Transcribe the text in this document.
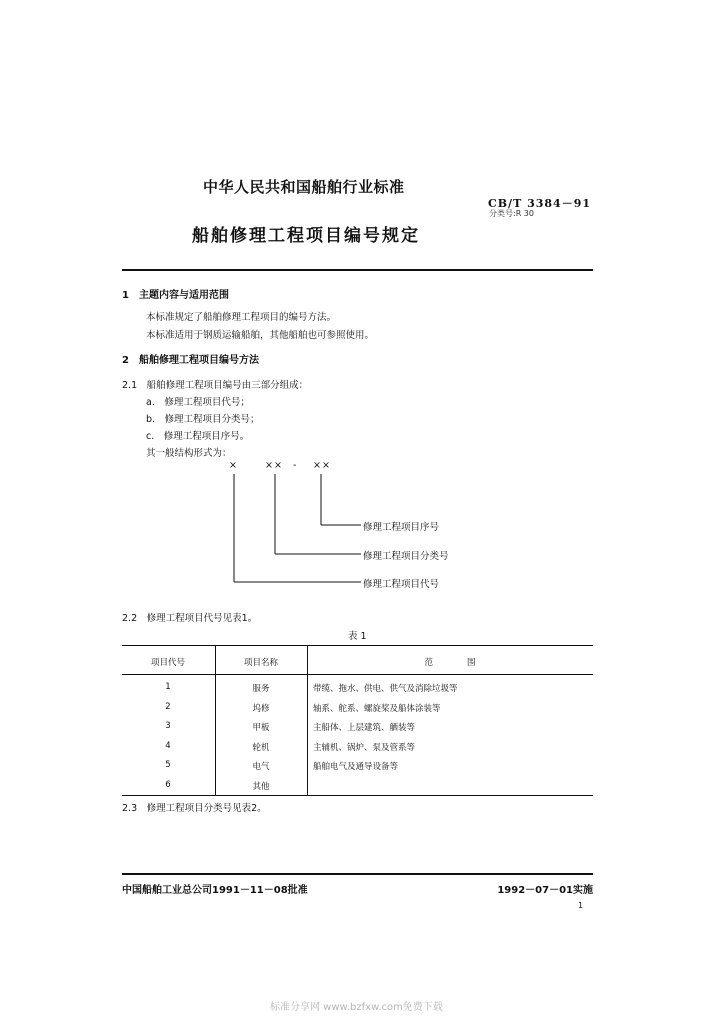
中华人民共和国船舶行业标准
CB/T 3384－91
分类号:R 30
船舶修理工程项目编号规定
1　主题内容与适用范围
本标准规定了船舶修理工程项目的编号方法。
本标准适用于钢质运输船舶，其他船舶也可参照使用。
2　船舶修理工程项目编号方法
2.1　船舶修理工程项目编号由三部分组成：
a.　修理工程项目代号；
b.　修理工程项目分类号；
c.　修理工程项目序号。
其一般结构形式为：
×	×× - ××
修理工程项目序号
修理工程项目分类号
修理工程项目代号
2.2　修理工程项目代号见表1。
表 1
项目代号	项目名称	范　　　　围
1	服务	带缆、拖水、供电、供气及消除垃圾等
2	坞修	轴系、舵系、螺旋桨及船体涂装等
3	甲板	主船体、上层建筑、舾装等
4	轮机	主辅机、锅炉、泵及管系等
5	电气	船舶电气及通导设备等
6	其他
2.3　修理工程项目分类号见表2。
中国船舶工业总公司1991－11－08批准	1992－07－01实施
1
标准分享网 www.bzfxw.com免费下载
